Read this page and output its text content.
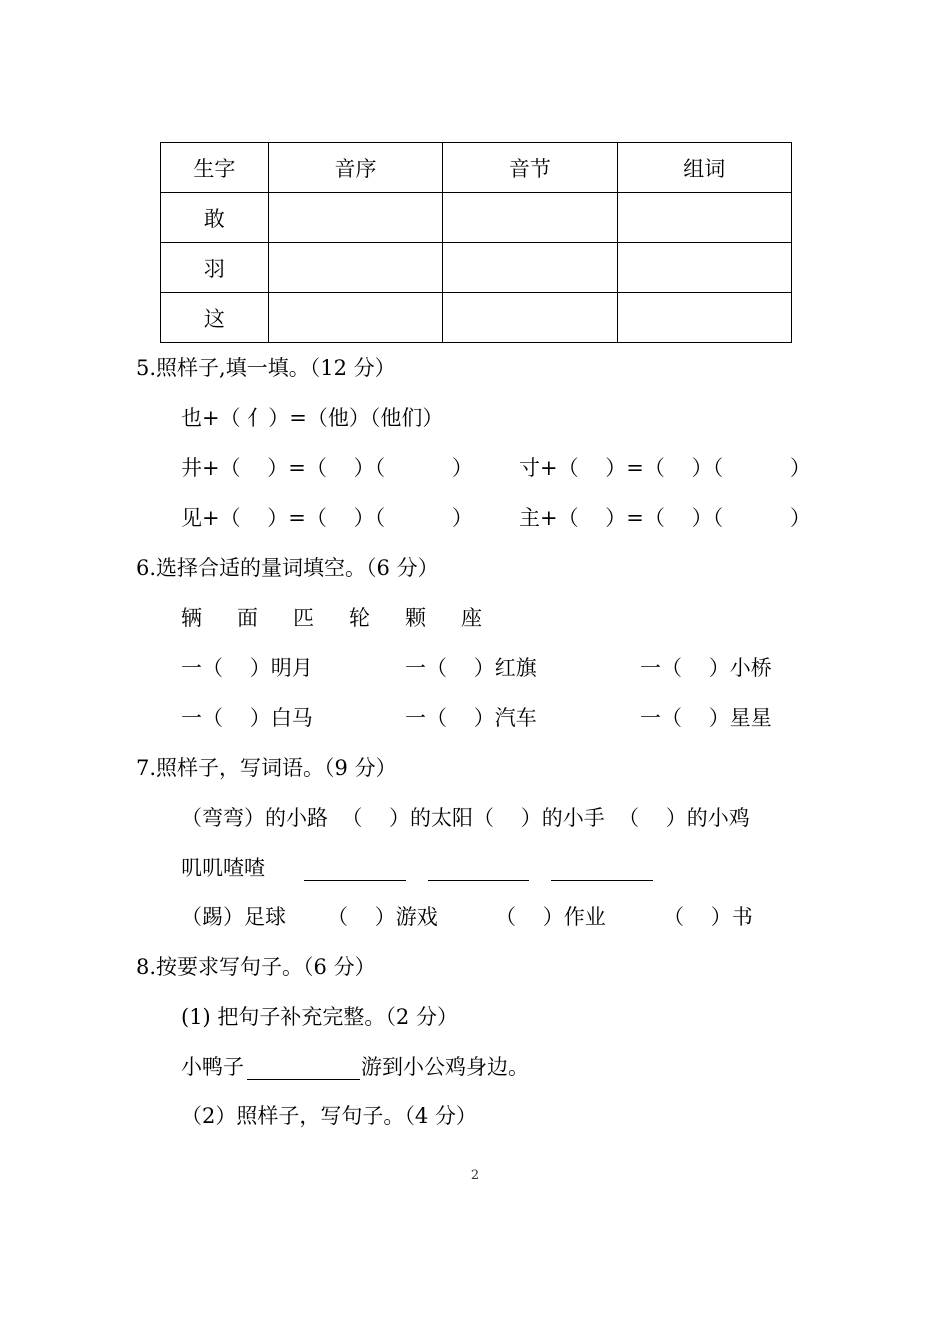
生字	音序	音节	组词
敢			
羽			
这			
5.照样子,填一填。（12 分）
也+（ 亻）=（他）（他们）
井+（    ）=（    ）（          ） 寸+（    ）=（    ）（          ）
见+（    ）=（    ）（          ） 主+（    ）=（    ）（          ）
6.选择合适的量词填空。（6 分）
辆 面 匹 轮 颗 座
一（    ）明月	一（    ）红旗	一（    ）小桥
一（    ）白马	一（    ）汽车	一（    ）星星
7.照样子，写词语。（9 分）
（弯弯）的小路  （    ）的太阳（    ）的小手  （    ）的小鸡
叽叽喳喳
（踢）足球 （    ）游戏	（    ）作业	（    ）书
8.按要求写句子。（6 分）
(1) 把句子补充完整。（2 分）
小鸭子	游到小公鸡身边。
（2）照样子，写句子。（4 分）
2
